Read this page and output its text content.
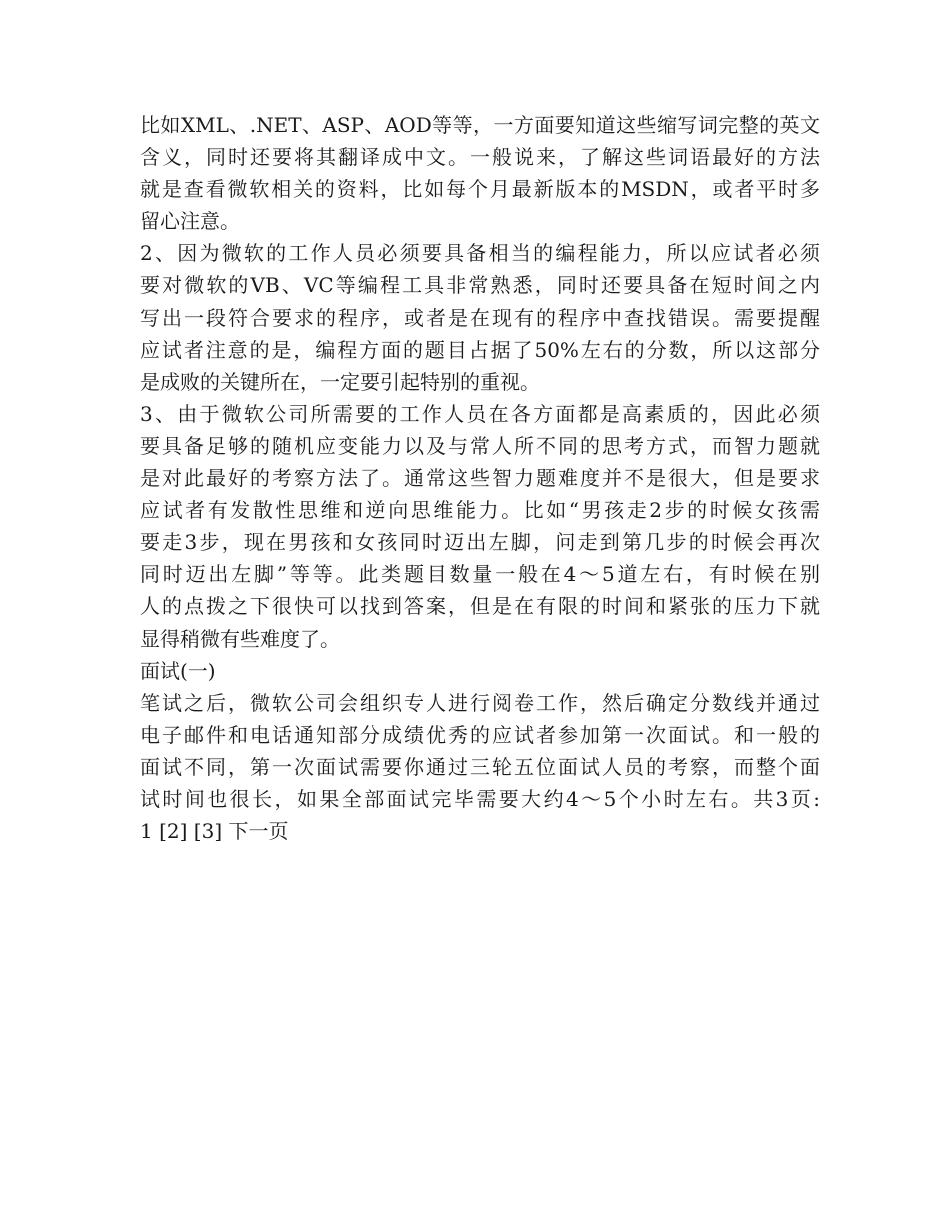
比如XML、.NET、ASP、AOD等等，一方面要知道这些缩写词完整的英文
含义，同时还要将其翻译成中文。一般说来，了解这些词语最好的方法
就是查看微软相关的资料，比如每个月最新版本的MSDN，或者平时多
留心注意。
2、因为微软的工作人员必须要具备相当的编程能力，所以应试者必须
要对微软的VB、VC等编程工具非常熟悉，同时还要具备在短时间之内
写出一段符合要求的程序，或者是在现有的程序中查找错误。需要提醒
应试者注意的是，编程方面的题目占据了50%左右的分数，所以这部分
是成败的关键所在，一定要引起特别的重视。
3、由于微软公司所需要的工作人员在各方面都是高素质的，因此必须
要具备足够的随机应变能力以及与常人所不同的思考方式，而智力题就
是对此最好的考察方法了。通常这些智力题难度并不是很大，但是要求
应试者有发散性思维和逆向思维能力。比如“男孩走2步的时候女孩需
要走3步，现在男孩和女孩同时迈出左脚，问走到第几步的时候会再次
同时迈出左脚”等等。此类题目数量一般在4～5道左右，有时候在别
人的点拨之下很快可以找到答案，但是在有限的时间和紧张的压力下就
显得稍微有些难度了。
面试(一)
笔试之后，微软公司会组织专人进行阅卷工作，然后确定分数线并通过
电子邮件和电话通知部分成绩优秀的应试者参加第一次面试。和一般的
面试不同，第一次面试需要你通过三轮五位面试人员的考察，而整个面
试时间也很长，如果全部面试完毕需要大约4～5个小时左右。共3页:
1 [2] [3] 下一页
